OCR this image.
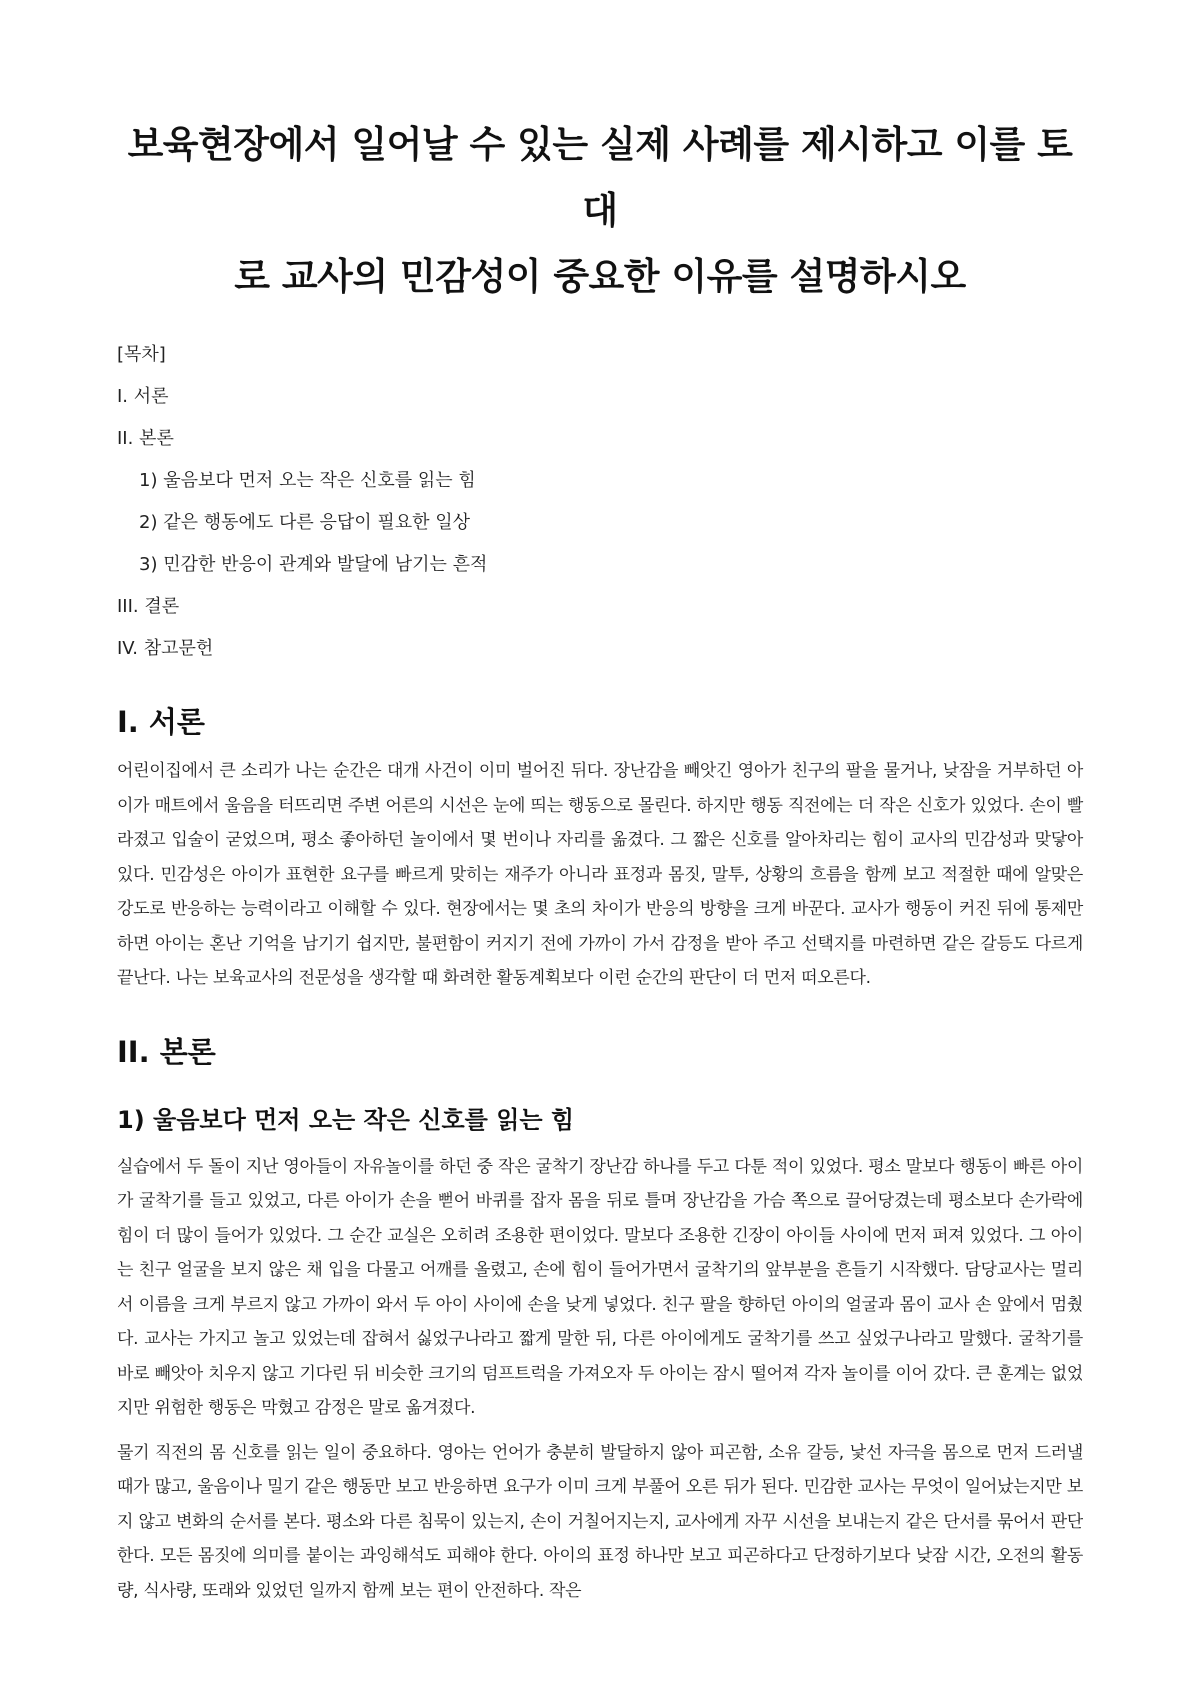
보육현장에서 일어날 수 있는 실제 사례를 제시하고 이를 토대
로 교사의 민감성이 중요한 이유를 설명하시오
[목차]
I. 서론
II. 본론
1) 울음보다 먼저 오는 작은 신호를 읽는 힘
2) 같은 행동에도 다른 응답이 필요한 일상
3) 민감한 반응이 관계와 발달에 남기는 흔적
III. 결론
IV. 참고문헌
I. 서론

어린이집에서 큰 소리가 나는 순간은 대개 사건이 이미 벌어진 뒤다. 장난감을 빼앗긴 영아가 친구의 팔을 물거나, 낮잠을 거부하던 아이가 매트에서 울음을 터뜨리면 주변 어른의 시선은 눈에 띄는 행동으로 몰린다. 하지만 행동 직전에는 더 작은 신호가 있었다. 손이 빨라졌고 입술이 굳었으며, 평소 좋아하던 놀이에서 몇 번이나 자리를 옮겼다. 그 짧은 신호를 알아차리는 힘이 교사의 민감성과 맞닿아 있다. 민감성은 아이가 표현한 요구를 빠르게 맞히는 재주가 아니라 표정과 몸짓, 말투, 상황의 흐름을 함께 보고 적절한 때에 알맞은 강도로 반응하는 능력이라고 이해할 수 있다. 현장에서는 몇 초의 차이가 반응의 방향을 크게 바꾼다. 교사가 행동이 커진 뒤에 통제만 하면 아이는 혼난 기억을 남기기 쉽지만, 불편함이 커지기 전에 가까이 가서 감정을 받아 주고 선택지를 마련하면 같은 갈등도 다르게 끝난다. 나는 보육교사의 전문성을 생각할 때 화려한 활동계획보다 이런 순간의 판단이 더 먼저 떠오른다.

II. 본론
1) 울음보다 먼저 오는 작은 신호를 읽는 힘

실습에서 두 돌이 지난 영아들이 자유놀이를 하던 중 작은 굴착기 장난감 하나를 두고 다툰 적이 있었다. 평소 말보다 행동이 빠른 아이가 굴착기를 들고 있었고, 다른 아이가 손을 뻗어 바퀴를 잡자 몸을 뒤로 틀며 장난감을 가슴 쪽으로 끌어당겼는데 평소보다 손가락에 힘이 더 많이 들어가 있었다. 그 순간 교실은 오히려 조용한 편이었다. 말보다 조용한 긴장이 아이들 사이에 먼저 퍼져 있었다. 그 아이는 친구 얼굴을 보지 않은 채 입을 다물고 어깨를 올렸고, 손에 힘이 들어가면서 굴착기의 앞부분을 흔들기 시작했다. 담당교사는 멀리서 이름을 크게 부르지 않고 가까이 와서 두 아이 사이에 손을 낮게 넣었다. 친구 팔을 향하던 아이의 얼굴과 몸이 교사 손 앞에서 멈췄다. 교사는 가지고 놀고 있었는데 잡혀서 싫었구나라고 짧게 말한 뒤, 다른 아이에게도 굴착기를 쓰고 싶었구나라고 말했다. 굴착기를 바로 빼앗아 치우지 않고 기다린 뒤 비슷한 크기의 덤프트럭을 가져오자 두 아이는 잠시 떨어져 각자 놀이를 이어 갔다. 큰 훈계는 없었지만 위험한 행동은 막혔고 감정은 말로 옮겨졌다.

물기 직전의 몸 신호를 읽는 일이 중요하다. 영아는 언어가 충분히 발달하지 않아 피곤함, 소유 갈등, 낯선 자극을 몸으로 먼저 드러낼 때가 많고, 울음이나 밀기 같은 행동만 보고 반응하면 요구가 이미 크게 부풀어 오른 뒤가 된다. 민감한 교사는 무엇이 일어났는지만 보지 않고 변화의 순서를 본다. 평소와 다른 침묵이 있는지, 손이 거칠어지는지, 교사에게 자꾸 시선을 보내는지 같은 단서를 묶어서 판단한다. 모든 몸짓에 의미를 붙이는 과잉해석도 피해야 한다. 아이의 표정 하나만 보고 피곤하다고 단정하기보다 낮잠 시간, 오전의 활동량, 식사량, 또래와 있었던 일까지 함께 보는 편이 안전하다. 작은
